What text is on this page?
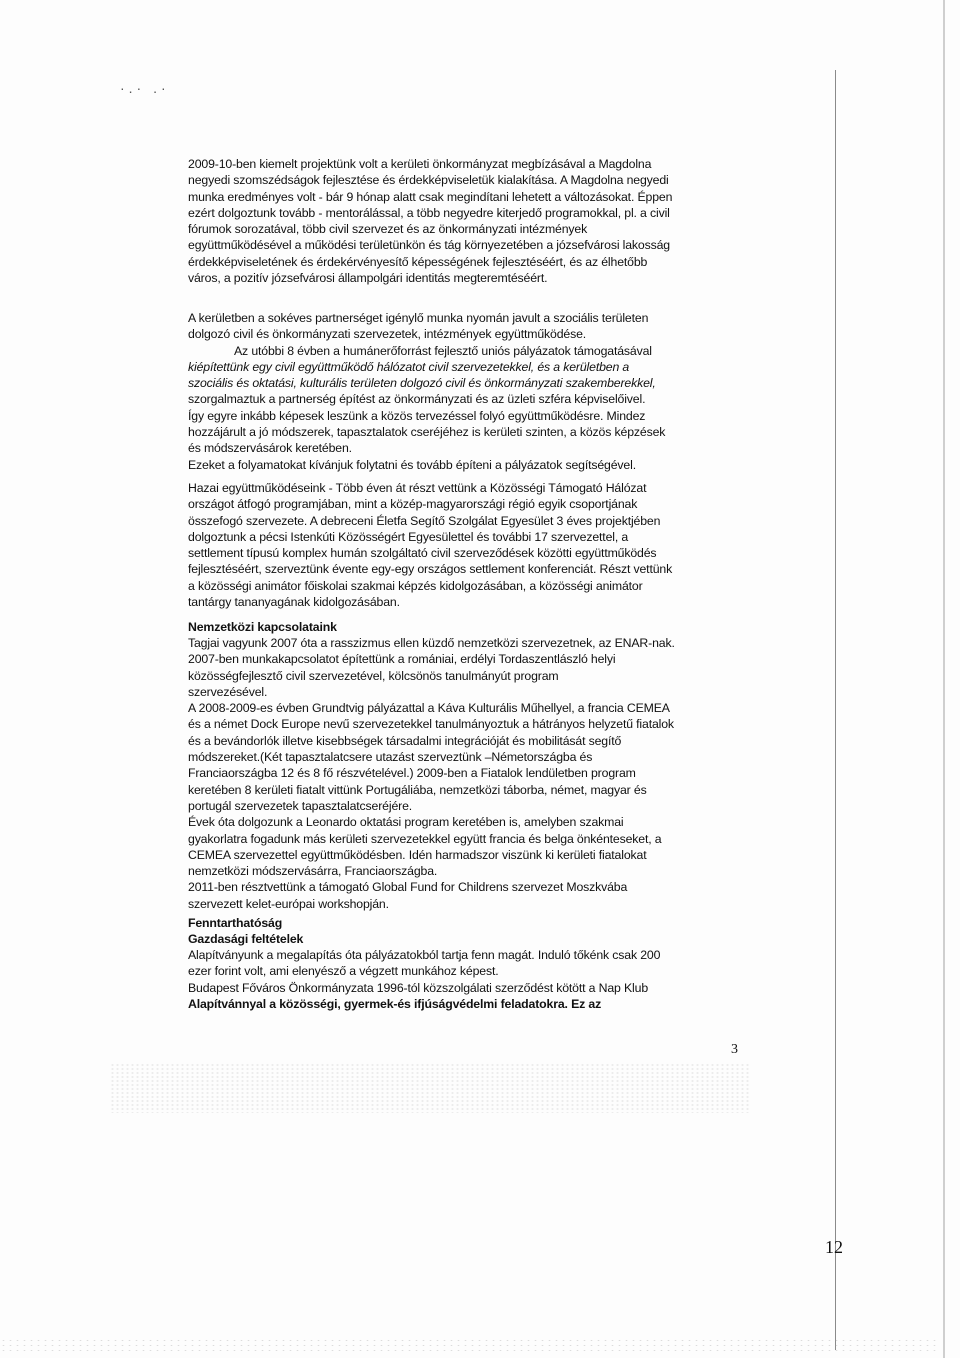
·.· .·
2009-10-ben kiemelt projektünk volt a kerületi önkormányzat megbízásával a Magdolna
negyedi szomszédságok fejlesztése és érdekképviseletük kialakítása. A Magdolna negyedi
munka eredményes volt - bár 9 hónap alatt csak megindítani lehetett a változásokat. Éppen
ezért dolgoztunk tovább - mentorálással, a több negyedre kiterjedő programokkal, pl. a civil
fórumok sorozatával, több civil szervezet és az önkormányzati intézmények
együttműködésével a működési területünkön és tág környezetében a józsefvárosi lakosság
érdekképviseletének és érdekérvényesítő képességének fejlesztéséért, és az élhetőbb
város, a pozitív józsefvárosi állampolgári identitás megteremtéséért.
A kerületben a sokéves partnerséget igénylő munka nyomán javult a szociális területen
dolgozó civil és önkormányzati szervezetek, intézmények együttműködése.
Az utóbbi 8 évben a humánerőforrást fejlesztő uniós pályázatok támogatásával
kiépítettünk egy civil együttműködő hálózatot civil szervezetekkel, és a kerületben a
szociális és oktatási, kulturális területen dolgozó civil és önkormányzati szakemberekkel,
szorgalmaztuk a partnerség építést az önkormányzati és az üzleti szféra képviselőivel.
Így egyre inkább képesek leszünk a közös tervezéssel folyó együttműködésre. Mindez
hozzájárult a jó módszerek, tapasztalatok cseréjéhez is kerületi szinten, a közös képzések
és módszervásárok keretében.
Ezeket a folyamatokat kívánjuk folytatni és tovább építeni a pályázatok segítségével.
Hazai együttműködéseink - Több éven át részt vettünk a Közösségi Támogató Hálózat
országot átfogó programjában, mint a közép-magyarországi régió egyik csoportjának
összefogó szervezete. A debreceni Életfa Segítő Szolgálat Egyesület 3 éves projektjében
dolgoztunk a pécsi Istenkúti Közösségért Egyesülettel és további 17 szervezettel, a
settlement típusú komplex humán szolgáltató civil szerveződések közötti együttműködés
fejlesztéséért, szerveztünk évente egy-egy országos settlement konferenciát. Részt vettünk
a közösségi animátor főiskolai szakmai képzés kidolgozásában, a közösségi animátor
tantárgy tananyagának kidolgozásában.
Nemzetközi kapcsolataink
Tagjai vagyunk 2007 óta a rasszizmus ellen küzdő nemzetközi szervezetnek, az ENAR-nak.
2007-ben munkakapcsolatot építettünk a romániai, erdélyi Tordaszentlászló helyi
közösségfejlesztő civil szervezetével, kölcsönös tanulmányút program
szervezésével.
A 2008-2009-es évben Grundtvig pályázattal a Káva Kulturális Műhellyel, a francia CEMEA
és a német Dock Europe nevű szervezetekkel tanulmányoztuk a hátrányos helyzetű fiatalok
és a bevándorlók illetve kisebbségek társadalmi integrációját és mobilitását segítő
módszereket.(Két tapasztalatcsere utazást szerveztünk –Németországba és
Franciaországba 12 és 8 fő részvételével.) 2009-ben a Fiatalok lendületben program
keretében 8 kerületi fiatalt vittünk Portugáliába, nemzetközi táborba, német, magyar és
portugál szervezetek tapasztalatcseréjére.
Évek óta dolgozunk a Leonardo oktatási program keretében is, amelyben szakmai
gyakorlatra fogadunk más kerületi szervezetekkel együtt francia és belga önkénteseket, a
CEMEA szervezettel együttműködésben. Idén harmadszor viszünk ki kerületi fiatalokat
nemzetközi módszervásárra, Franciaországba.
2011-ben résztvettünk a támogató Global Fund for Childrens szervezet Moszkvába
szervezett kelet-európai workshopján.
Fenntarthatóság
Gazdasági feltételek
Alapítványunk a megalapítás óta pályázatokból tartja fenn magát. Induló tőkénk csak 200
ezer forint volt, ami elenyésző a végzett munkához képest.
Budapest Főváros Önkormányzata 1996-tól közszolgálati szerződést kötött a Nap Klub
Alapítvánnyal a közösségi, gyermek-és ifjúságvédelmi feladatokra. Ez az
3
12
